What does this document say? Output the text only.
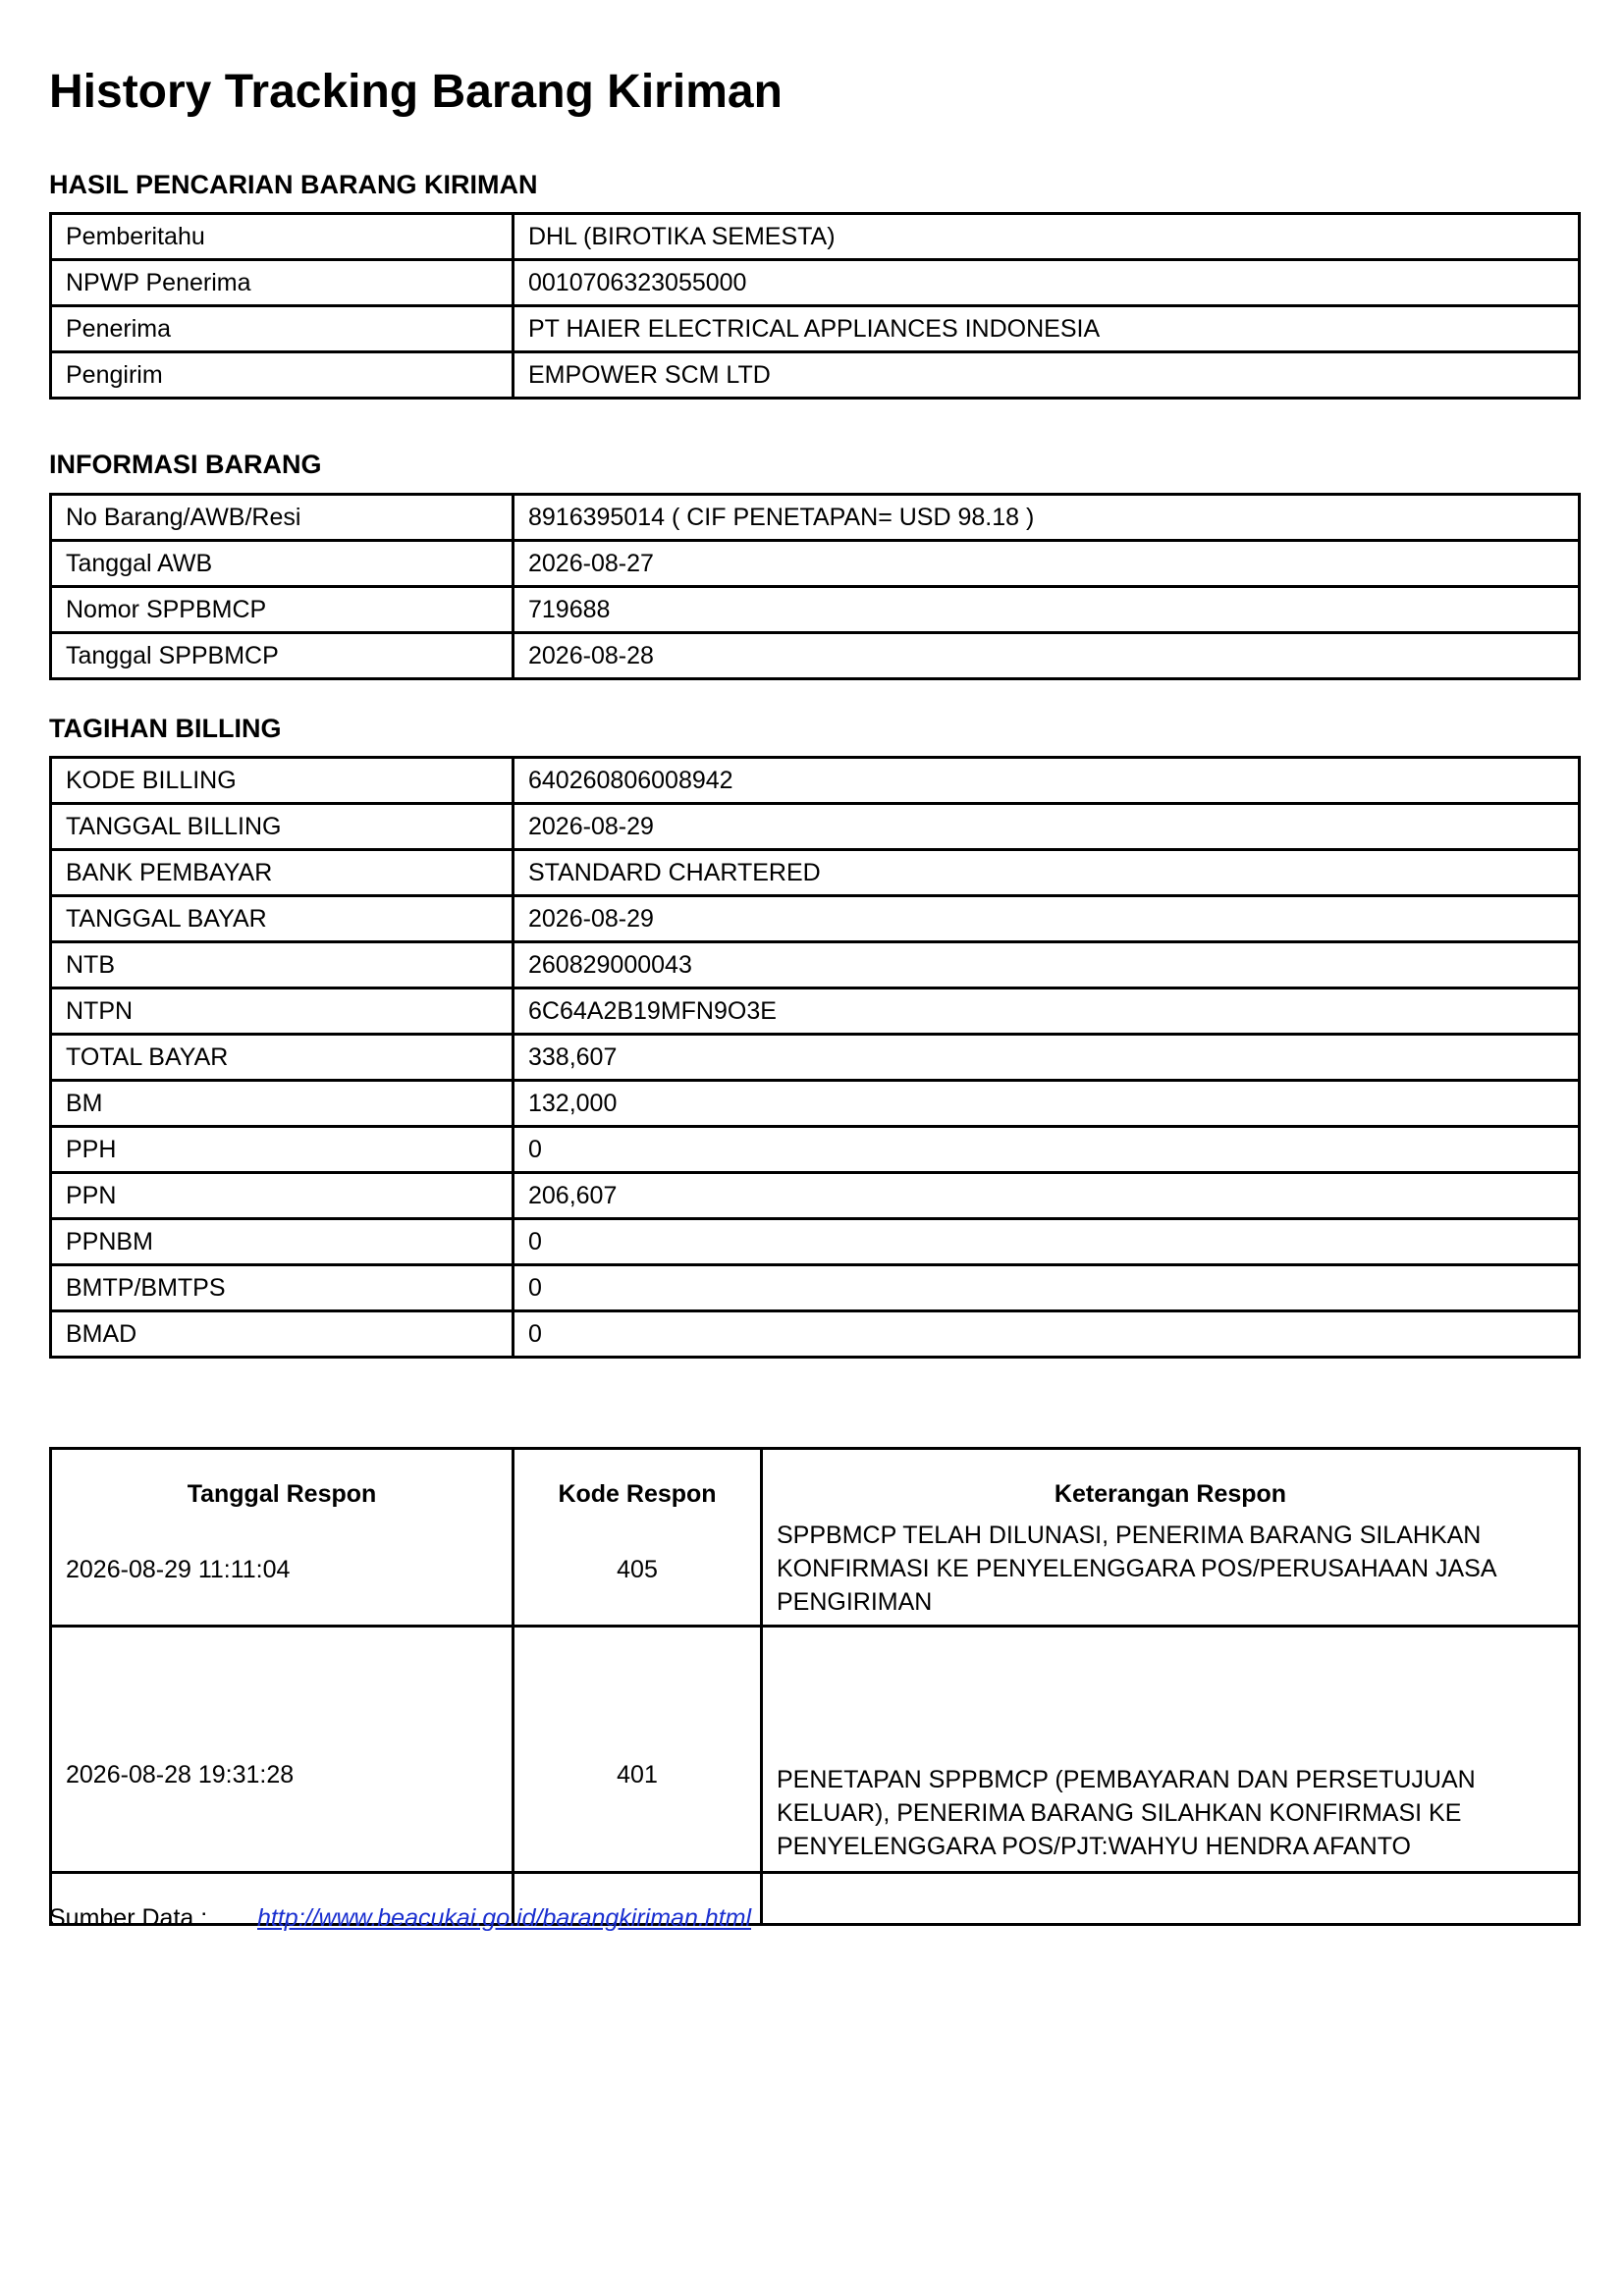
History Tracking Barang Kiriman
HASIL PENCARIAN BARANG KIRIMAN
Pemberitahu	DHL (BIROTIKA SEMESTA)
NPWP Penerima	0010706323055000
Penerima	PT HAIER ELECTRICAL APPLIANCES INDONESIA
Pengirim	EMPOWER SCM LTD
INFORMASI BARANG
No Barang/AWB/Resi	8916395014 ( CIF PENETAPAN= USD 98.18 )
Tanggal AWB	2026-08-27
Nomor SPPBMCP	719688
Tanggal SPPBMCP	2026-08-28
TAGIHAN BILLING
KODE BILLING	640260806008942
TANGGAL BILLING	2026-08-29
BANK PEMBAYAR	STANDARD CHARTERED
TANGGAL BAYAR	2026-08-29
NTB	260829000043
NTPN	6C64A2B19MFN9O3E
TOTAL BAYAR	338,607
BM	132,000
PPH	0
PPN	206,607
PPNBM	0
BMTP/BMTPS	0
BMAD	0
Tanggal Respon	Kode Respon	Keterangan Respon
2026-08-29 11:11:04	405	SPPBMCP TELAH DILUNASI, PENERIMA BARANG SILAHKAN KONFIRMASI KE PENYELENGGARA POS/PERUSAHAAN JASA PENGIRIMAN

2026-08-28 19:31:28	401	PENETAPAN SPPBMCP (PEMBAYARAN DAN PERSETUJUAN KELUAR), PENERIMA BARANG SILAHKAN KONFIRMASI KE PENYELENGGARA POS/PJT:WAHYU HENDRA AFANTO

Sumber Data : http://www.beacukai.go.id/barangkiriman.html
